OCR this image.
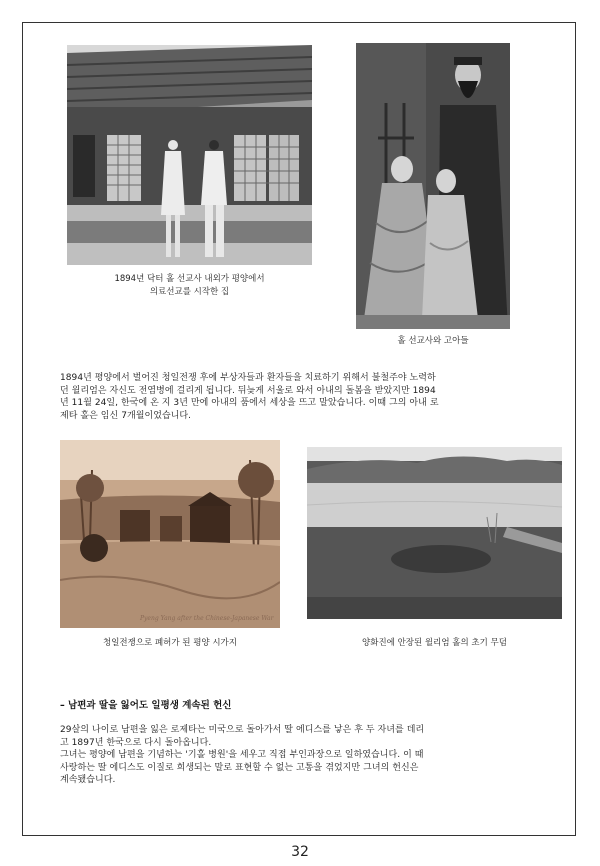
1894년 닥터 홀 선교사 내외가 평양에서
의료선교를 시작한 집
홀 선교사와 고아들

1894년 평양에서 벌어진 청일전쟁 후에 부상자들과 환자들을 치료하기 위해서 불철주야 노력하

던 윌리엄은 자신도 전염병에 걸리게 됩니다. 뒤늦게 서울로 와서 아내의 돌봄을 받았지만 1894

년 11월 24일, 한국에 온 지 3년 만에 아내의 품에서 세상을 뜨고 말았습니다. 이때 그의 아내 로

제타 홀은 임신 7개월이었습니다.

Pyeng Yang after the Chinese-Japanese War
청일전쟁으로 폐허가 된 평양 시가지	양화진에 안장된 윌리엄 홀의 초기 무덤
– 남편과 딸을 잃어도 일평생 계속된 헌신

29살의 나이로 남편을 잃은 로제타는 미국으로 돌아가서 딸 에디스를 낳은 후 두 자녀를 데리

고 1897년 한국으로 다시 돌아옵니다.

그녀는 평양에 남편을 기념하는 '기홀 병원'을 세우고 직접 부인과장으로 일하였습니다. 이 때

사랑하는 딸 에디스도 이질로 희생되는 말로 표현할 수 없는 고통을 겪었지만 그녀의 헌신은

계속됐습니다.

32
